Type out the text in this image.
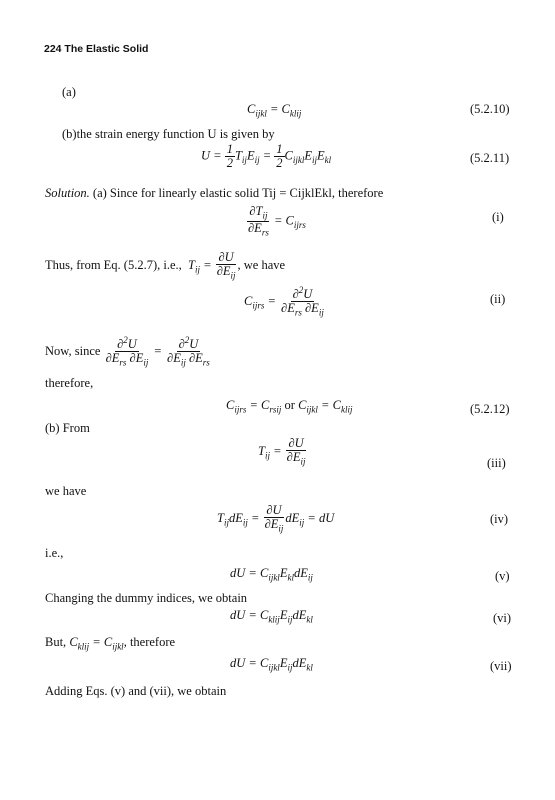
224 The Elastic Solid
(a)
$C_{ijkl} = C_{klij}$	(5.2.10)
(b)the strain energy function U is given by
$U = \frac{1}{2} T_{ij}E_{ij} = \frac{1}{2} C_{ijkl}E_{ij}E_{kl}$	(5.2.11)
Solution. (a) Since for linearly elastic solid Tij = CijklEkl, therefore
$\frac{\partial T_{ij}}{\partial E_{rs}} = C_{ijrs}$
(i)
Thus, from Eq. (5.2.7), i.e.,  $T_{ij} = \frac{\partial U}{\partial E_{ij}}$ , we have
$C_{ijrs} = \frac{\partial^2U}{\partial E_{rs} \partial E_{ij}}$	(ii)
Now, since $\frac{\partial^2U}{\partial E_{rs} \partial E_{ij}} = \frac{\partial^2U}{\partial E_{ij} \partial E_{rs}}$
therefore,
$C_{ijrs} = C_{rsij}$ or $C_{ijkl} = C_{klij}$	(5.2.12)
(b) From
$T_{ij} = \frac{\partial U}{\partial E_{ij}}$	(iii)
we have
$T_{ij}dE_{ij} = \frac{\partial U}{\partial E_{ij}} dE_{ij}$ = dU	(iv)
i.e.,
dU = $C_{ijkl}E_{kl}dE_{ij}$	(v)
Changing the dummy indices, we obtain
dU = $C_{klij}E_{ij}dE_{kl}$	(vi)
But, $C_{klij} = C_{ijkl}$, therefore
dU = $C_{ijkl}E_{ij}dE_{kl}$	(vii)
Adding Eqs. (v) and (vii), we obtain
